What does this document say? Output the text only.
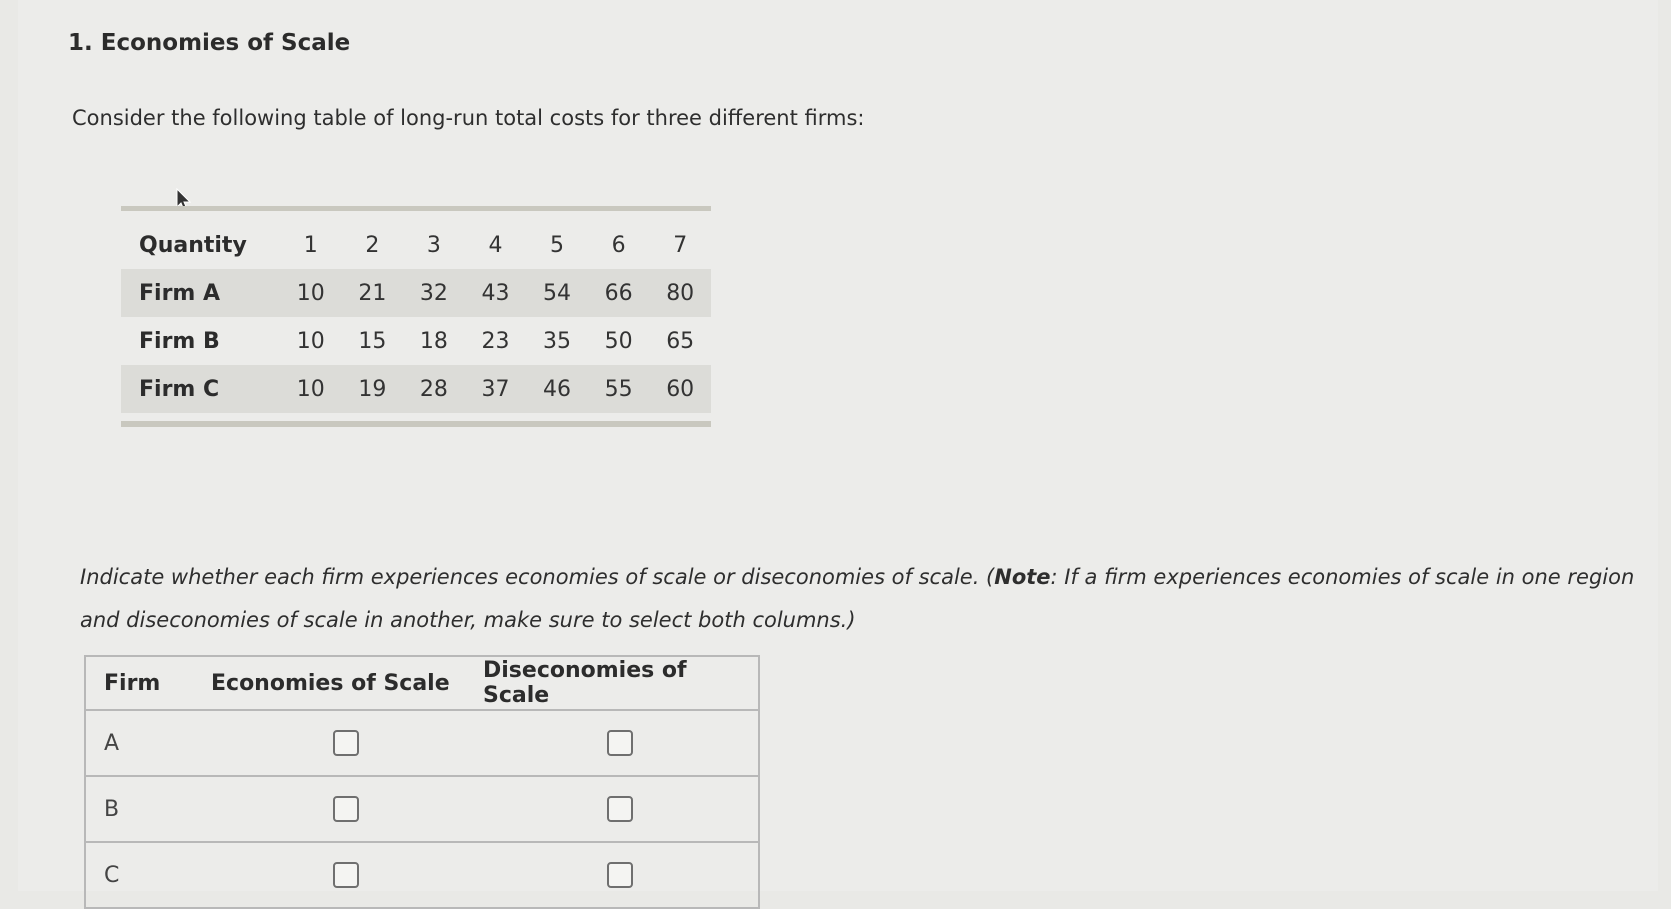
1. Economies of Scale
Consider the following table of long-run total costs for three different firms:
Quantity	1	2	3	4	5	6	7
Firm A	10	21	32	43	54	66	80
Firm B	10	15	18	23	35	50	65
Firm C	10	19	28	37	46	55	60
Indicate whether each firm experiences economies of scale or diseconomies of scale. (Note: If a firm experiences economies of scale in one region and diseconomies of scale in another, make sure to select both columns.)
Firm	Economies of Scale	Diseconomies of Scale
A		
B		
C		
